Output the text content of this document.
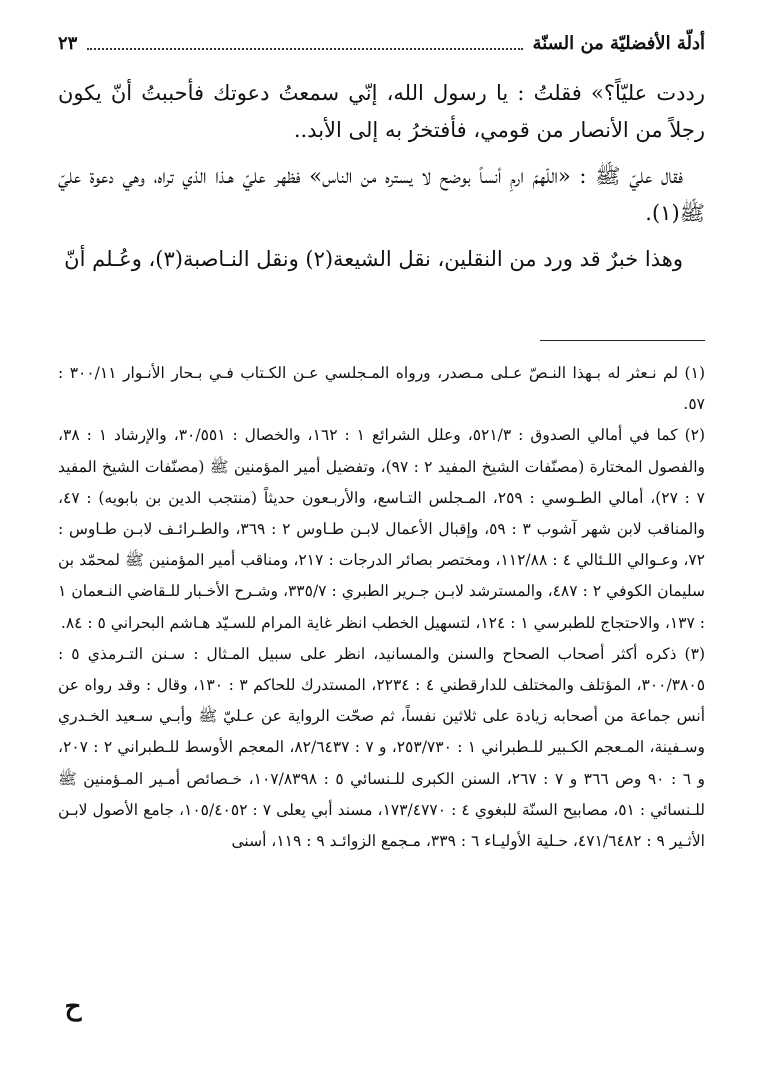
أدلّة الأفضليّة من السنّة
٢٣

رددت عليّاً؟» فقلتُ : يا رسول الله، إنّي سمعتُ دعوتك فأحببتُ أنّ يكون رجلاً من الأنصار من قومي، فأفتخرُ به إلى الأبد..

فقال عليّ ﷺ : «اللّهمّ ارمِ أنساً بوضح لا يستره من الناس» فظهر عليّ هـذا الذي تراه، وهي دعوة عليّ ﷺ(١).

وهذا خبرٌ قد ورد من النقلين، نقل الشيعة(٢) ونقل النـاصبة(٣)، وعُـلم أنّ

(١) لم نـعثر له بـهذا النـصّ عـلى مـصدر، ورواه المـجلسي عـن الكـتاب فـي بـحار الأنـوار ٣٠٠/١١ : ٥٧.

(٢) كما في أمالي الصدوق : ٥٢١/٣، وعلل الشرائع ١ : ١٦٢، والخصال : ٣٠/٥٥١، والإرشاد ١ : ٣٨، والفصول المختارة (مصنّفات الشيخ المفيد ٢ : ٩٧)، وتفضيل أمير المؤمنين ﷺ (مصنّفات الشيخ المفيد ٧ : ٢٧)، أمالي الطـوسي : ٢٥٩، المـجلس التـاسع، والأربـعون حديثاً (منتجب الدين بن بابويه) : ٤٧، والمناقب لابن شهر آشوب ٣ : ٥٩، وإقبال الأعمال لابـن طـاوس ٢ : ٣٦٩، والطـرائـف لابـن طـاوس : ٧٢، وعـوالي اللـئالي ٤ : ١١٢/٨٨، ومختصر بصائر الدرجات : ٢١٧، ومناقب أمير المؤمنين ﷺ لمحمّد بن سليمان الكوفي ٢ : ٤٨٧، والمسترشد لابـن جـرير الطبري : ٣٣٥/٧، وشـرح الأخـبار للـقاضي النـعمان ١ : ١٣٧، والاحتجاج للطبرسي ١ : ١٢٤، لتسهيل الخطب انظر غاية المرام للسـيّد هـاشم البحراني ٥ : ٨٤.

(٣) ذكره أكثر أصحاب الصحاح والسنن والمسانيد، انظر على سبيل المـثال : سـنن التـرمذي ٥ : ٣٠٠/٣٨٠٥، المؤتلف والمختلف للدارقطني ٤ : ٢٢٣٤، المستدرك للحاكم ٣ : ١٣٠، وقال : وقد رواه عن أنس جماعة من أصحابه زيادة على ثلاثين نفساً، ثم صحّت الرواية عن عـليّ ﷺ وأبـي سـعيد الخـدري وسـفينة، المـعجم الكـبير للـطبراني ١ : ٢٥٣/٧٣٠، و ٧ : ٨٢/٦٤٣٧، المعجم الأوسط للـطبراني ٢ : ٢٠٧، و ٦ : ٩٠ وص ٣٦٦ و ٧ : ٢٦٧، السنن الكبرى للـنسائي ٥ : ١٠٧/٨٣٩٨، خـصائص أمـير المـؤمنين ﷺ للـنسائي : ٥١، مصابيح السنّة للبغوي ٤ : ١٧٣/٤٧٧٠، مسند أبي يعلى ٧ : ١٠٥/٤٠٥٢، جامع الأصول لابـن الأثـير ٩ : ٤٧١/٦٤٨٢، حـلية الأوليـاء ٦ : ٣٣٩، مـجمع الزوائـد ٩ : ١١٩، أسنى

ح
